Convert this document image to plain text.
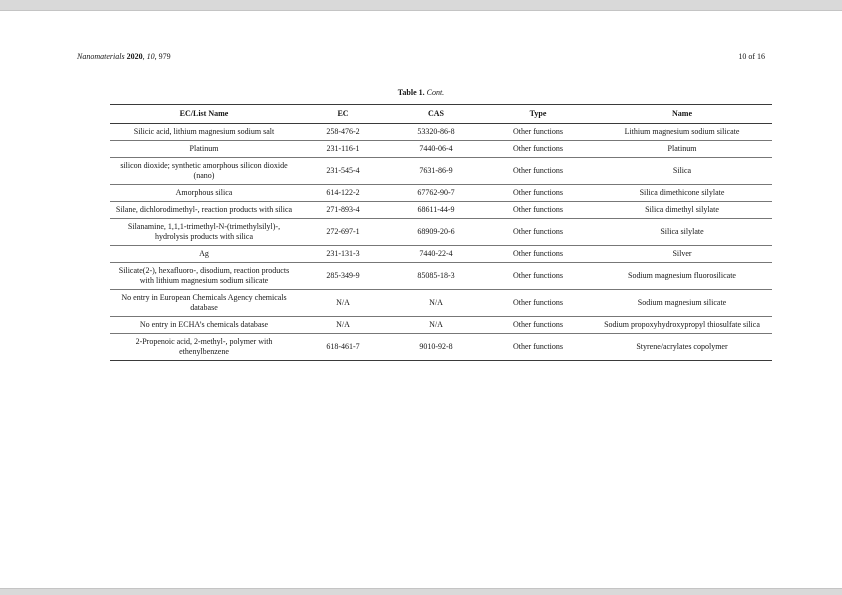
Nanomaterials 2020, 10, 979	10 of 16
Table 1. Cont.
EC/List Name	EC	CAS	Type	Name
Silicic acid, lithium magnesium sodium salt	258-476-2	53320-86-8	Other functions	Lithium magnesium sodium silicate
Platinum	231-116-1	7440-06-4	Other functions	Platinum
silicon dioxide; synthetic amorphous silicon dioxide (nano)	231-545-4	7631-86-9	Other functions	Silica
Amorphous silica	614-122-2	67762-90-7	Other functions	Silica dimethicone silylate
Silane, dichlorodimethyl-, reaction products with silica	271-893-4	68611-44-9	Other functions	Silica dimethyl silylate
Silanamine, 1,1,1-trimethyl-N-(trimethylsilyl)-, hydrolysis products with silica	272-697-1	68909-20-6	Other functions	Silica silylate
Ag	231-131-3	7440-22-4	Other functions	Silver
Silicate(2-), hexafluoro-, disodium, reaction products with lithium magnesium sodium silicate	285-349-9	85085-18-3	Other functions	Sodium magnesium fluorosilicate
No entry in European Chemicals Agency chemicals database	N/A	N/A	Other functions	Sodium magnesium silicate
No entry in ECHA’s chemicals database	N/A	N/A	Other functions	Sodium propoxyhydroxypropyl thiosulfate silica
2-Propenoic acid, 2-methyl-, polymer with ethenylbenzene	618-461-7	9010-92-8	Other functions	Styrene/acrylates copolymer
